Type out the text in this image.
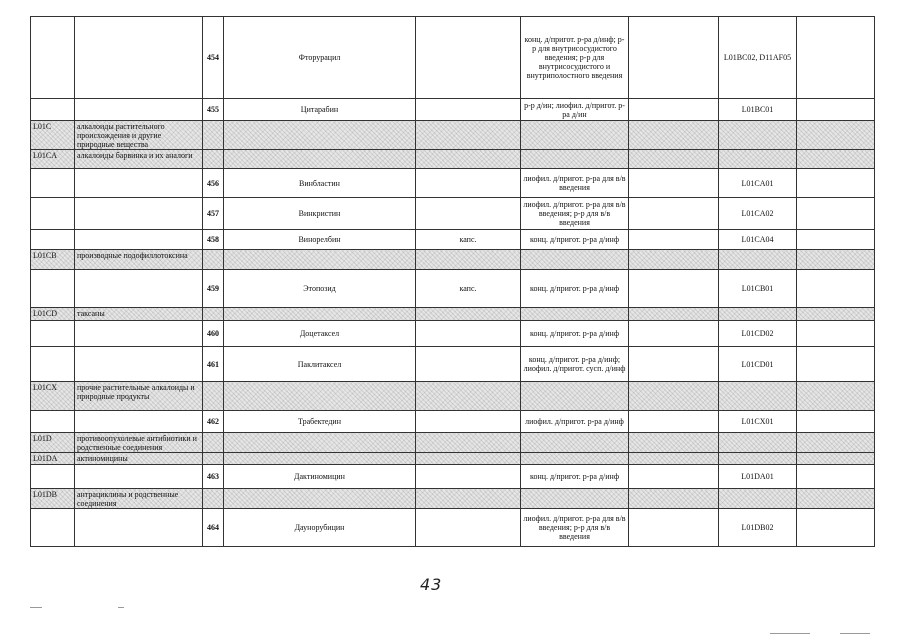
		454	Фторурацил		конц. д/пригот. р-ра д/инф; р-р для внутрисосудистого введения; р-р для внутрисосудистого и внутриполостного введения		L01BC02, D11AF05	
		455	Цитарабин		р-р д/ин; лиофил. д/пригот. р-ра д/ин		L01BC01	
L01C	алкалоиды растительного происхождения и другие природные вещества							
L01CA	алкалоиды барвинка и их аналоги							
		456	Винбластин		лиофил. д/пригот. р-ра для в/в введения		L01CA01	
		457	Винкристин		лиофил. д/пригот. р-ра для в/в введения; р-р для в/в введения		L01CA02	
		458	Винорелбин	капс.	конц. д/пригот. р-ра д/инф		L01CA04	
L01CB	производные подофиллотоксина							
		459	Этопозид	капс.	конц. д/пригот. р-ра д/инф		L01CB01	
L01CD	таксаны							
		460	Доцетаксел		конц. д/пригот. р-ра д/инф		L01CD02	
		461	Паклитаксел		конц. д/пригот. р-ра д/инф; лиофил. д/пригот. сусп. д/инф		L01CD01	
L01CX	прочие растительные алкалоиды и природные продукты							
		462	Трабектедин		лиофил. д/пригот. р-ра д/инф		L01CX01	
L01D	противоопухолевые антибиотики и родственные соединения							
L01DA	актиномицины							
		463	Дактиномицин		конц. д/пригот. р-ра д/инф		L01DA01	
L01DB	антрациклины и родственные соединения							
		464	Даунорубицин		лиофил. д/пригот. р-ра для в/в введения; р-р для в/в введения		L01DB02	
43
